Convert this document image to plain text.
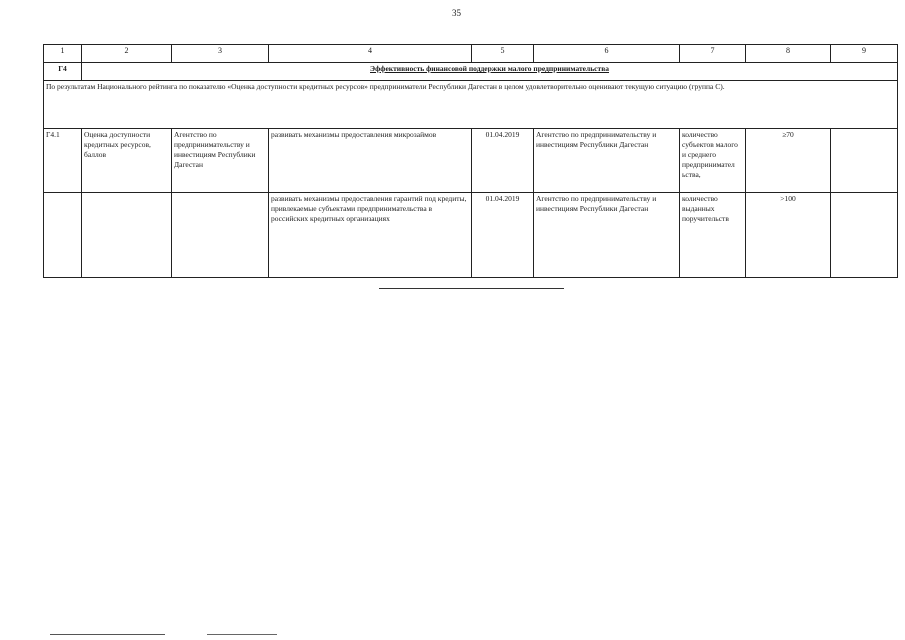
35
1	2	3	4	5	6	7	8	9
Г4	Эффективность финансовой поддержки малого предпринимательства							
По результатам Национального рейтинга по показателю «Оценка доступности кредитных ресурсов» предприниматели Республики Дагестан в целом удовлетворительно оценивают текущую ситуацию (группа С).								
Г4.1	Оценка доступности кредитных ресурсов, баллов	Агентство по предпринимательству и инвестициям Республики Дагестан	развивать механизмы предоставления микрозаймов	01.04.2019	Агентство по предпринимательству и инвестициям Республики Дагестан	количество субъектов малого и среднего предпринимател ьства,	≥70	
			развивать механизмы предоставления гарантий под кредиты, привлекаемые субъектами предпринимательства в российских кредитных организациях	01.04.2019	Агентство по предпринимательству и инвестициям Республики Дагестан	количество выданных поручительств	>100	
